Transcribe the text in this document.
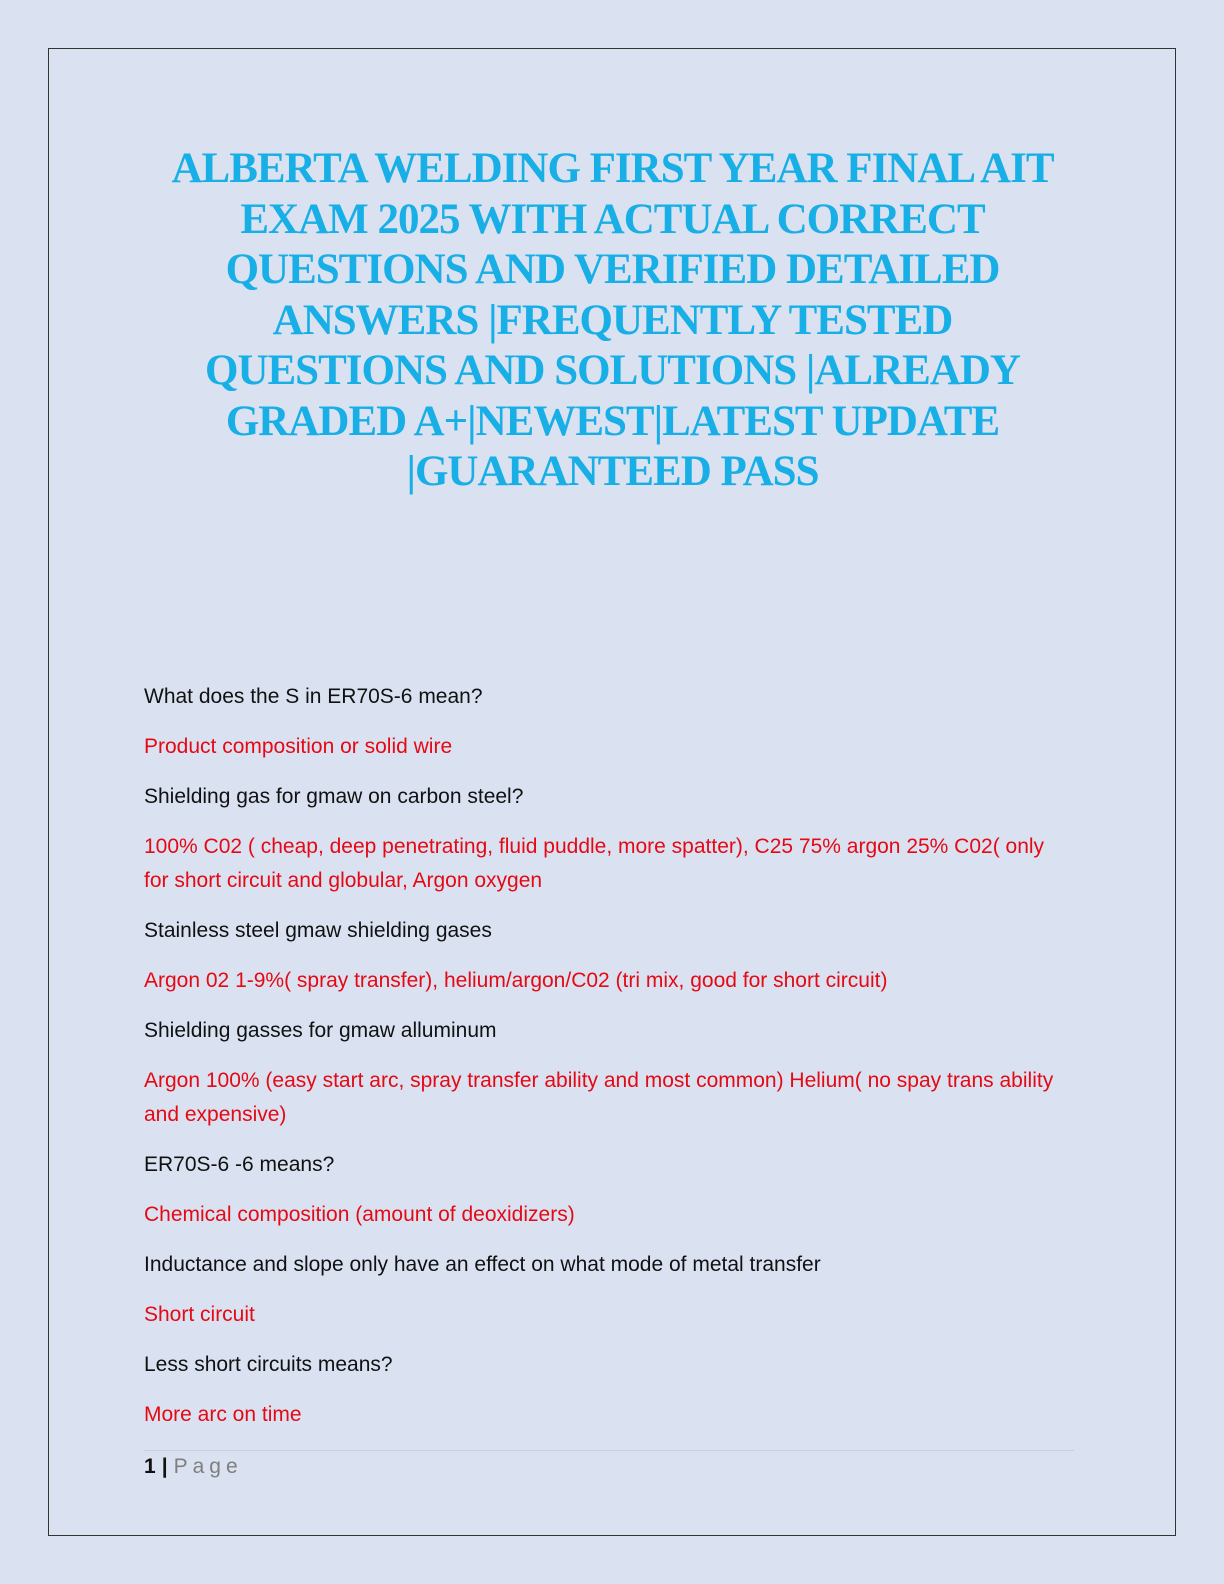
ALBERTA WELDING FIRST YEAR FINAL AIT EXAM 2025 WITH ACTUAL CORRECT QUESTIONS AND VERIFIED DETAILED ANSWERS |FREQUENTLY TESTED QUESTIONS AND SOLUTIONS |ALREADY GRADED A+|NEWEST|LATEST UPDATE |GUARANTEED PASS

What does the S in ER70S-6 mean?

Product composition or solid wire

Shielding gas for gmaw on carbon steel?

100% C02 ( cheap, deep penetrating, fluid puddle, more spatter), C25 75% argon 25% C02( only for short circuit and globular, Argon oxygen

Stainless steel gmaw shielding gases

Argon 02 1-9%( spray transfer), helium/argon/C02 (tri mix, good for short circuit)

Shielding gasses for gmaw alluminum

Argon 100% (easy start arc, spray transfer ability and most common) Helium( no spay trans ability and expensive)

ER70S-6 -6 means?

Chemical composition (amount of deoxidizers)

Inductance and slope only have an effect on what mode of metal transfer

Short circuit

Less short circuits means?

More arc on time

1 | Page
